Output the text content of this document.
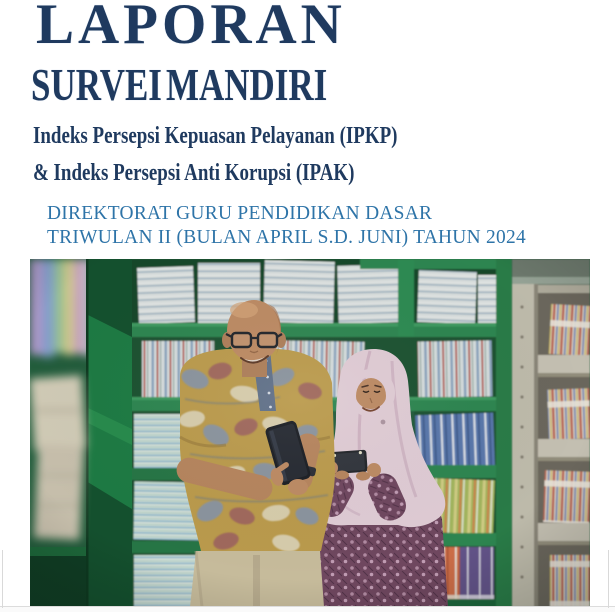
LAPORAN
SURVEI MANDIRI
Indeks Persepsi Kepuasan Pelayanan (IPKP)
& Indeks Persepsi Anti Korupsi (IPAK)
DIREKTORAT GURU PENDIDIKAN DASAR
TRIWULAN II (BULAN APRIL S.D. JUNI) TAHUN 2024
